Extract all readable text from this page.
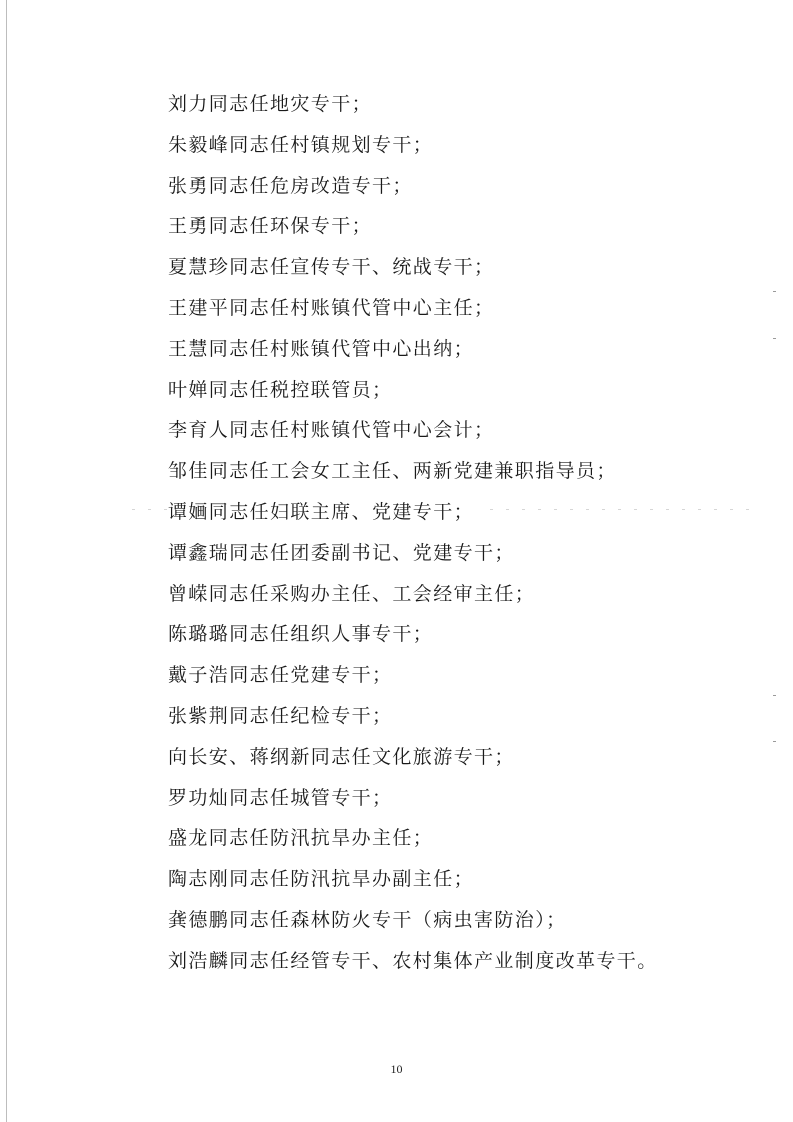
刘力同志任地灾专干；
朱毅峰同志任村镇规划专干；
张勇同志任危房改造专干；
王勇同志任环保专干；
夏慧珍同志任宣传专干、统战专干；
王建平同志任村账镇代管中心主任；
王慧同志任村账镇代管中心出纳；
叶婵同志任税控联管员；
李育人同志任村账镇代管中心会计；
邹佳同志任工会女工主任、两新党建兼职指导员；
谭婳同志任妇联主席、党建专干；
谭鑫瑞同志任团委副书记、党建专干；
曾嵘同志任采购办主任、工会经审主任；
陈璐璐同志任组织人事专干；
戴子浩同志任党建专干；
张紫荆同志任纪检专干；
向长安、蒋纲新同志任文化旅游专干；
罗功灿同志任城管专干；
盛龙同志任防汛抗旱办主任；
陶志刚同志任防汛抗旱办副主任；
龚德鹏同志任森林防火专干（病虫害防治）；
刘浩麟同志任经管专干、农村集体产业制度改革专干。
10
